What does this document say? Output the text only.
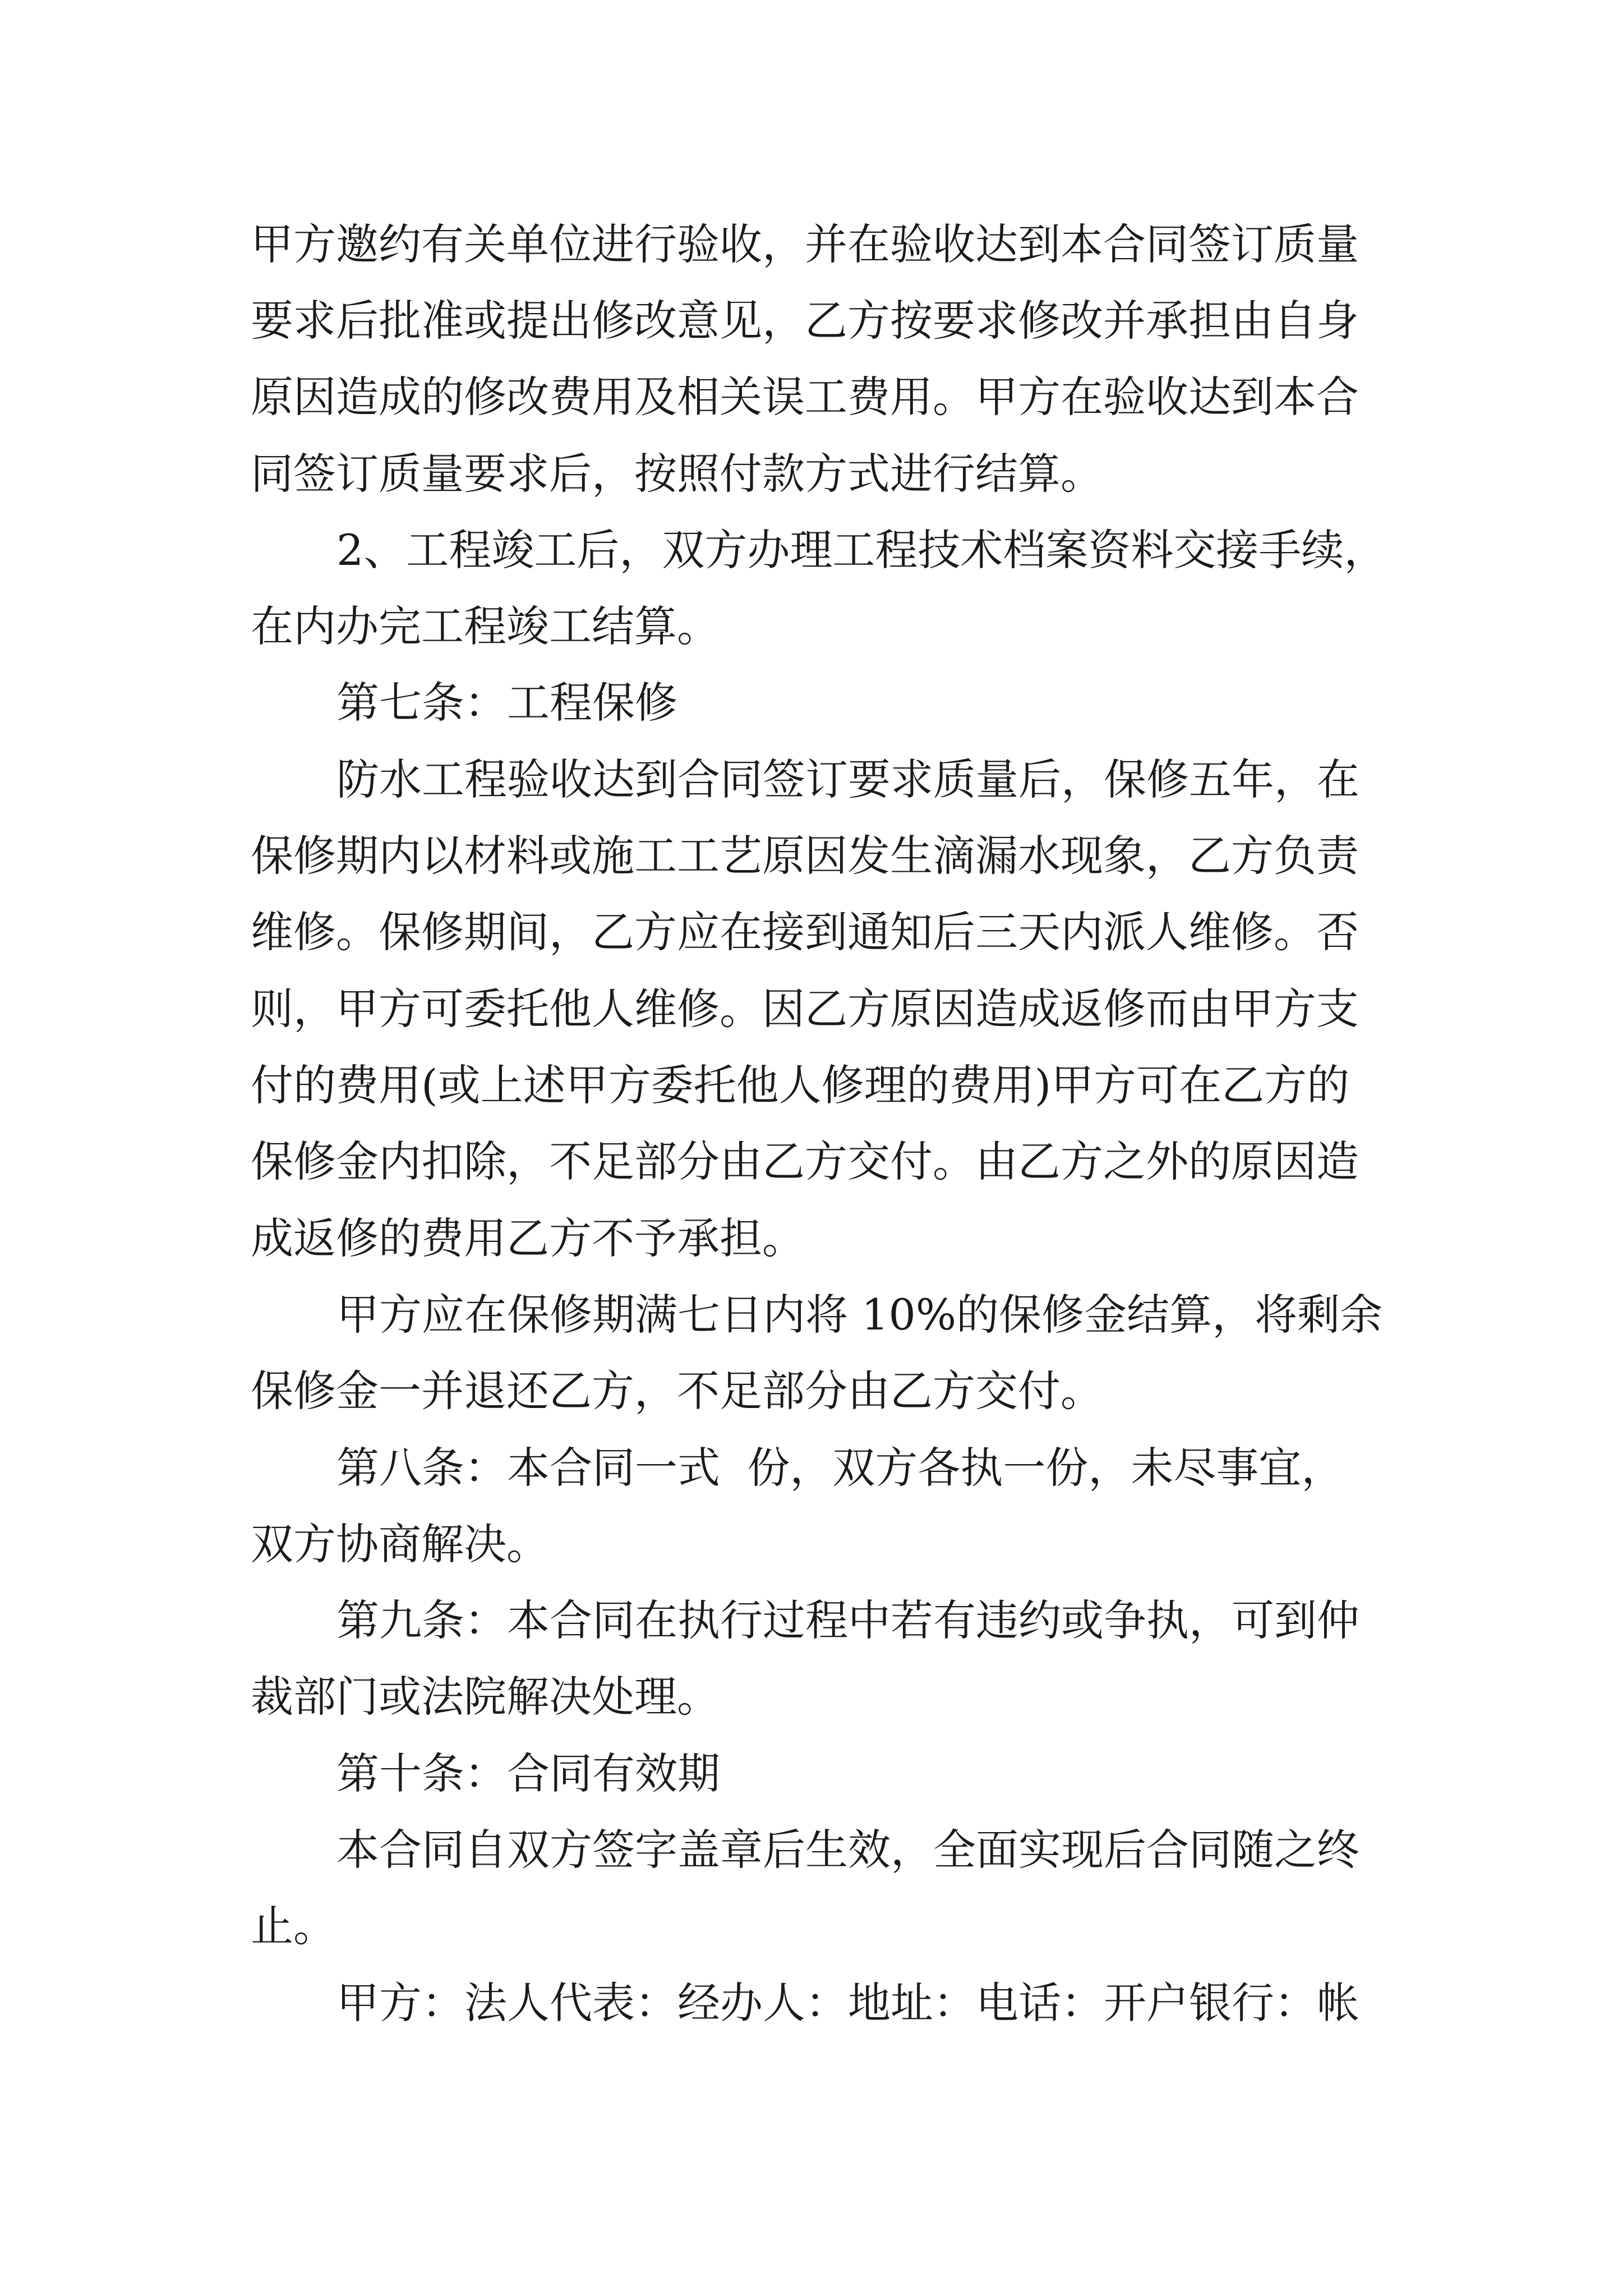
甲方邀约有关单位进行验收，并在验收达到本合同签订质量

要求后批准或提出修改意见，乙方按要求修改并承担由自身

原因造成的修改费用及相关误工费用。甲方在验收达到本合

同签订质量要求后，按照付款方式进行结算。

2、工程竣工后，双方办理工程技术档案资料交接手续，

在内办完工程竣工结算。

第七条：工程保修

防水工程验收达到合同签订要求质量后，保修五年，在

保修期内以材料或施工工艺原因发生滴漏水现象，乙方负责

维修。保修期间，乙方应在接到通知后三天内派人维修。否

则，甲方可委托他人维修。因乙方原因造成返修而由甲方支

付的费用(或上述甲方委托他人修理的费用)甲方可在乙方的

保修金内扣除，不足部分由乙方交付。由乙方之外的原因造

成返修的费用乙方不予承担。

甲方应在保修期满七日内将 10%的保修金结算，将剩余

保修金一并退还乙方，不足部分由乙方交付。

第八条：本合同一式  份，双方各执一份，未尽事宜，

双方协商解决。

第九条：本合同在执行过程中若有违约或争执，可到仲

裁部门或法院解决处理。

第十条：合同有效期

本合同自双方签字盖章后生效，全面实现后合同随之终

止。

甲方：法人代表：经办人：地址：电话：开户银行：帐
